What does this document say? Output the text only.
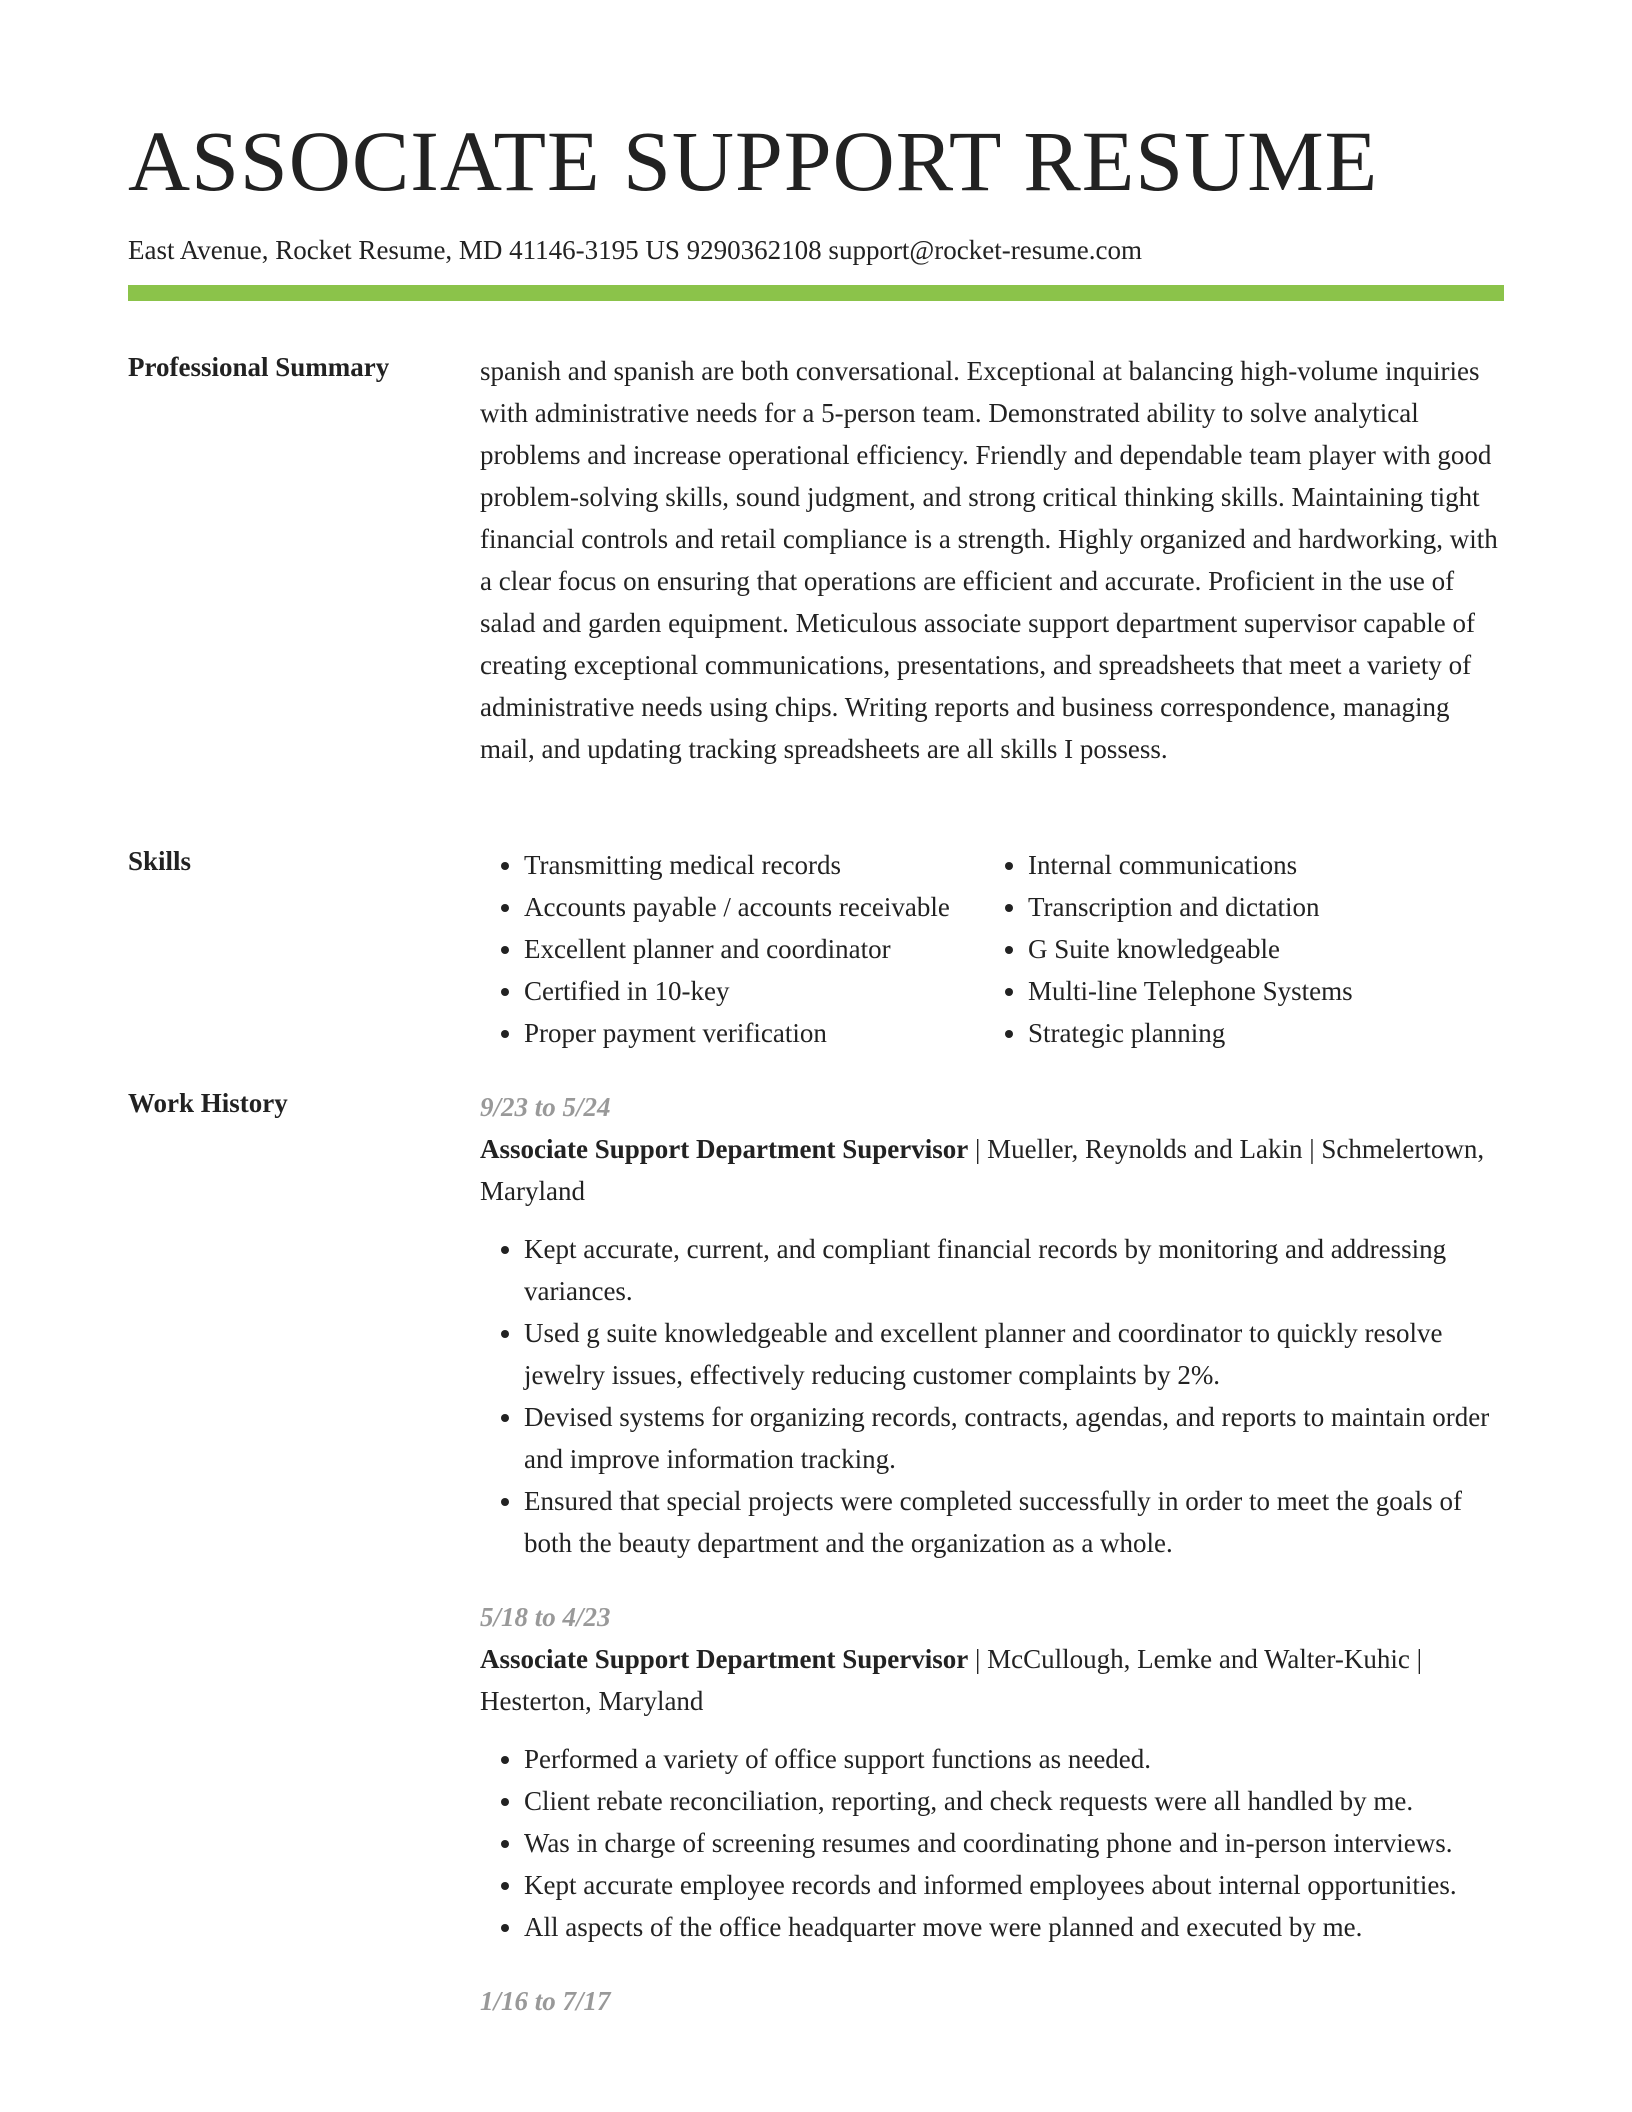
ASSOCIATE SUPPORT RESUME
East Avenue, Rocket Resume, MD 41146-3195 US 9290362108 support@rocket-resume.com
Professional Summary	spanish and spanish are both conversational. Exceptional at balancing high-volume inquiries with administrative needs for a 5-person team. Demonstrated ability to solve analytical problems and increase operational efficiency. Friendly and dependable team player with good problem-solving skills, sound judgment, and strong critical thinking skills. Maintaining tight financial controls and retail compliance is a strength. Highly organized and hardworking, with a clear focus on ensuring that operations are efficient and accurate. Proficient in the use of salad and garden equipment. Meticulous associate support department supervisor capable of creating exceptional communications, presentations, and spreadsheets that meet a variety of administrative needs using chips. Writing reports and business correspondence, managing mail, and updating tracking spreadsheets are all skills I possess.

Skills
•	Transmitting medical records
• Accounts payable / accounts receivable
• Excellent planner and coordinator
• Certified in 10-key
• Proper payment verification
• Internal communications
• Transcription and dictation
• G Suite knowledgeable
• Multi-line Telephone Systems
• Strategic planning
Work History	9/23 to 5/24
Associate Support Department Supervisor | Mueller, Reynolds and Lakin | Schmelertown, Maryland
• Kept accurate, current, and compliant financial records by monitoring and addressing variances.
• Used g suite knowledgeable and excellent planner and coordinator to quickly resolve jewelry issues, effectively reducing customer complaints by 2%.
• Devised systems for organizing records, contracts, agendas, and reports to maintain order and improve information tracking.
• Ensured that special projects were completed successfully in order to meet the goals of both the beauty department and the organization as a whole.
5/18 to 4/23
Associate Support Department Supervisor | McCullough, Lemke and Walter-Kuhic | Hesterton, Maryland
• Performed a variety of office support functions as needed.
• Client rebate reconciliation, reporting, and check requests were all handled by me.
• Was in charge of screening resumes and coordinating phone and in-person interviews.
• Kept accurate employee records and informed employees about internal opportunities.
• All aspects of the office headquarter move were planned and executed by me.
1/16 to 7/17
